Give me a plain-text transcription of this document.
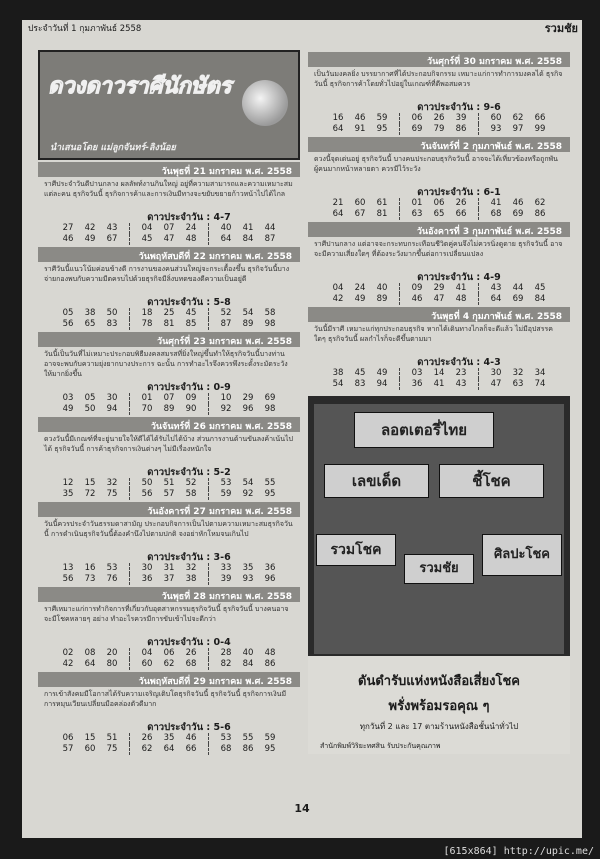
ประจำวันที่ 1 กุมภาพันธ์ 2558	รวมชัย
ดวงดาวราศีนักษัตร
นำเสนอโดย แม่ลูกจันทร์-ลิงน้อย
วันพุธที่ 21 มกราคม พ.ศ. 2558
ราศีประจำวันดีปานกลาง ผลลัพท์งานกินใหญ่ อยู่ที่ความสามารถและความเหมาะสมแต่ละคน ธุรกิจวันนี้ ธุรกิจการค้าและการเงินมีทางจะขยับขยายก้าวหน้าไปได้ไกล
ดาวประจำวัน : 4-7
27	42	43	04	07	24	40	41	44
46	49	67	45	47	48	64	84	87
วันพฤหัสบดีที่ 22 มกราคม พ.ศ. 2558
ราศีวันนี้แนวโน้มค่อนข้างดี การงานของคนส่วนใหญ่จะกระเตื้องขึ้น ธุรกิจวันนี้บางจ่ายกองพบกับความมีตครบไปด้วยธุรกิจมีลิ่งบทดของดีความเป็นอยู่ดี
ดาวประจำวัน : 5-8
05	38	50	18	25	45	52	54	58
56	65	83	78	81	85	87	89	98
วันศุกร์ที่ 23 มกราคม พ.ศ. 2558
วันนี้เป็นวันที่ไม่เหมาะประกอบพิธีมงคลสมรสที่ยิ่งใหญ่ขึ้นทำให้ธุรกิจวันนี้บางท่านอาจจะพบกับความยุ่งยากบางประการ ฉะนั้น การทำอะไรจึงควรพึงระดั้งระมัดระวังให้มากยิ่งขึ้น
ดาวประจำวัน : 0-9
03	05	30	01	07	09	10	29	69
49	50	94	70	89	90	92	96	98
วันจันทร์ที่ 26 มกราคม พ.ศ. 2558
ดวงวันนี้มีเกณฑ์ที่จะยู่นายใจให้ดีได้ได้รับไปได้บ้าง ส่วนการงานด้านขันลงค้าเน้นไปได้ ธุรกิจวันนี้ การค้าธุรกิจการเงินต่างๆ ไม่มีเรื่องหนักใจ
ดาวประจำวัน : 5-2
12	15	32	50	51	52	53	54	55
35	72	75	56	57	58	59	92	95
วันอังคารที่ 27 มกราคม พ.ศ. 2558
วันนี้ควรประจำวันธรรมดาสามัญ ประกอบกิจการเป็นไปตามความเหมาะสมธุรกิจวันนี้ การดำเนินธุรกิจวันนี้ต้องคำนึงไปตามปกติ จงอย่าหักโหมจนเกินไป
ดาวประจำวัน : 3-6
13	16	53	30	31	32	33	35	36
56	73	76	36	37	38	39	93	96
วันพุธที่ 28 มกราคม พ.ศ. 2558
ราศีเหมาะแก่การทำกิจการที่เกี่ยวกับอุตสาหกรรมธุรกิจวันนี้ ธุรกิจวันนี้ บางคนอาจจะมีโชคหลายๆ อย่าง ทำอะไรควรมีการขับเข้าไปจะดีกว่า
ดาวประจำวัน : 0-4
02	08	20	04	06	26	28	40	48
42	64	80	60	62	68	82	84	86
วันพฤหัสบดีที่ 29 มกราคม พ.ศ. 2558
การเข้าสังคมมีโอกาสได้รับความเจริญเติบโตธุรกิจวันนี้ ธุรกิจวันนี้ ธุรกิจการเงินมีการหมุนเวียนเปลี่ยนมือคล่องตัวดีมาก
ดาวประจำวัน : 5-6
06	15	51	26	35	46	53	55	59
57	60	75	62	64	66	68	86	95
วันศุกร์ที่ 30 มกราคม พ.ศ. 2558
เป็นวันมงคลยิ่ง บรรยากาศที่ได้ประกอบกิจกรรม เหมาะแก่การทำการมงคลได้ ธุรกิจวันนี้ ธุรกิจการค้าโดยทั่วไปอยู่ในเกณฑ์ที่ดีพอสมควร
ดาวประจำวัน : 9-6
16	46	59	06	26	39	60	62	66
64	91	95	69	79	86	93	97	99
วันจันทร์ที่ 2 กุมภาพันธ์ พ.ศ. 2558
ดวงนี้จุดเด่นอยู่ ธุรกิจวันนี้ บางคนประกอบธุรกิจวันนี้ อาจจะได้เที่ยวข้องหรือถูกพันผู้คนมากหน้าหลายตา ควรมีไว้ระวัง
ดาวประจำวัน : 6-1
21	60	61	01	06	26	41	46	62
64	67	81	63	65	66	68	69	86
วันอังคารที่ 3 กุมภาพันธ์ พ.ศ. 2558
ราศีปานกลาง แต่อาจจะกระทบกระเทือนชีวิตคู่คนจึงไม่ควรนิ่งดูดาย ธุรกิจวันนี้ อาจจะมีความเสี่ยงใดๆ ที่ต้องระวังมากขึ้นต่อการเปลี่ยนแปลง
ดาวประจำวัน : 4-9
04	24	40	09	29	41	43	44	45
42	49	89	46	47	48	64	69	84
วันพุธที่ 4 กุมภาพันธ์ พ.ศ. 2558
วันนี้มีราศี เหมาะแก่ทุกประกอบธุรกิจ หากได้เดินทางไกลก็จะดีแล้ว ไม่มีอุปสรรคใดๆ ธุรกิจวันนี้ ผลกำไรก็จะดีขึ้นตามมา
ดาวประจำวัน : 4-3
38	45	49	03	14	23	30	32	34
54	83	94	36	41	43	47	63	74
ลอตเตอรี่ไทย
เลขเด็ด	ชี้โชค
รวมโชค
รวมชัย
ศิลปะโชค
ดันดำรับแห่งหนังสือเสี่ยงโชค
พรั่งพร้อมรอคุณ ๆ
ทุกวันที่ 2 และ 17 ตามร้านหนังสือชั้นนำทั่วไป
สำนักพิมพ์วิริยะทศสิน รับประกันคุณภาพ
14
[615x864] http://upic.me/
